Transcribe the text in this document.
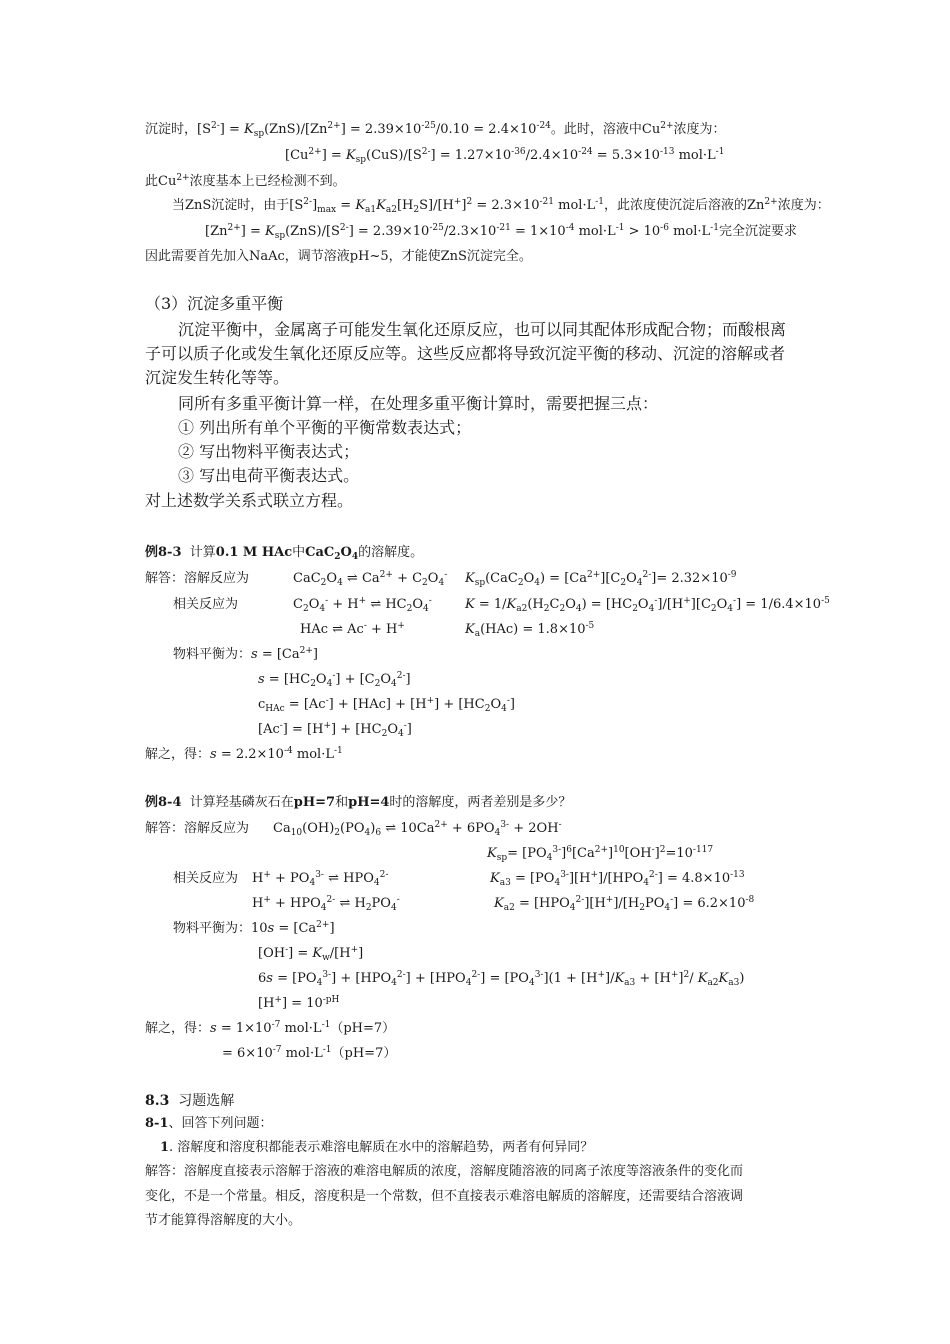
沉淀时，$[S^{2-}] = K_{sp}(ZnS)/[Zn^{2+}] = 2.39\times 10^{-25}/0.10 = 2.4\times 10^{-24}$。此时，溶液中$Cu^{2+}$浓度为：
$[Cu^{2+}] = K_{sp}(CuS)/[S^{2-}] = 1.27\times 10^{-36}/2.4\times 10^{-24} = 5.3\times 10^{-13}$ $mol\cdot L^{-1}$
此$Cu^{2+}$浓度基本上已经检测不到。
当ZnS沉淀时，由于$[S^{2-}]_{max} = K_{a1}K_{a2}[H_2S]/[H^+]^2 = 2.3\times 10^{-21}$ $mol\cdot L^{-1}$，此浓度使沉淀后溶液的$Zn^{2+}$浓度为：
$[Zn^{2+}] = K_{sp}(ZnS)/[S^{2-}] = 2.39\times 10^{-25}/2.3\times 10^{-21} = 1\times 10^{-4}$ $mol\cdot L^{-1} > 10^{-6}$ $mol\cdot L^{-1}$完全沉淀要求
因此需要首先加入NaAc，调节溶液pH~5，才能使ZnS沉淀完全。
（3）沉淀多重平衡
沉淀平衡中，金属离子可能发生氧化还原反应，也可以同其配体形成配合物；而酸根离
子可以质子化或发生氧化还原反应等。这些反应都将导致沉淀平衡的移动、沉淀的溶解或者
沉淀发生转化等等。
同所有多重平衡计算一样，在处理多重平衡计算时，需要把握三点：
① 列出所有单个平衡的平衡常数表达式；
② 写出物料平衡表达式；
③ 写出电荷平衡表达式。
对上述数学关系式联立方程。
例8-3 计算0.1 M HAc中$CaC_2O_4$的溶解度。
解答：溶解反应为	$CaC_2O_4$ ⇌ $Ca^{2+} + C_2O_4^-$ $K_{sp}(CaC_2O_4) = [Ca^{2+}][C_2O_4^{2-}]= 2.32\times 10^{-9}$
相关反应为	$C_2O_4^- + H^+$ ⇌ $HC_2O_4^-$	$K = 1/K_{a2}(H_2C_2O_4) = [HC_2O_4^-]/[H^+][C_2O_4^-] = 1/6.4\times 10^{-5}$
HAc ⇌ Ac- + H+	$K_a(HAc) = 1.8\times 10^{-5}$
物料平衡为：$s = [Ca^{2+}]$
$s = [HC_2O_4^-] + [C_2O_4^{2-}]$
$c_{HAc} = [Ac^-] + [HAc] + [H^+] + [HC_2O_4^-]$
$[Ac^-] = [H^+] + [HC_2O_4^-]$
解之，得：$s = 2.2\times 10^{-4}$ $mol\cdot L^{-1}$
例8-4 计算羟基磷灰石在pH=7和pH=4时的溶解度，两者差别是多少？
解答：溶解反应为 $Ca_{10}(OH)_2(PO_4)_6$ ⇌ $10Ca^{2+} + 6PO_4^{3-} + 2OH^-$
$K_{sp}= [PO_4^{3-}]^6[Ca^{2+}]^{10}[OH^-]^2=10^{-117}$
相关反应为 $H^+ + PO_4^{3-}$ ⇌ $HPO_4^{2-}$	$K_{a3} = [PO_4^{3-}][H^+]/[HPO_4^{2-}] = 4.8\times 10^{-13}$
$H^+ + HPO_4^{2-}$ ⇌ $H_2PO_4^-$	$K_{a2} = [HPO_4^{2-}][H^+]/[H_2PO_4^-] = 6.2\times 10^{-8}$
物料平衡为：$10s = [Ca^{2+}]$
$[OH^-] = K_w/[H^+]$
$6s = [PO_4^{3-}] + [HPO_4^{2-}] + [HPO_4^{2-}] = [PO_4^{3-}](1 + [H^+]/K_{a3} + [H^+]^2/$ $K_{a2}K_{a3}$)
$[H^+] = 10^{-pH}$
解之，得：$s = 1\times 10^{-7}$ $mol\cdot L^{-1}(pH=7)$
= $6\times 10^{-7}$ $mol\cdot L^{-1}(pH=7)$
8.3 习题选解
8-1、回答下列问题：
1. 溶解度和溶度积都能表示难溶电解质在水中的溶解趋势，两者有何异同？
解答：溶解度直接表示溶解于溶液的难溶电解质的浓度，溶解度随溶液的同离子浓度等溶液条件的变化而
变化，不是一个常量。相反，溶度积是一个常数，但不直接表示难溶电解质的溶解度，还需要结合溶液调
节才能算得溶解度的大小。
